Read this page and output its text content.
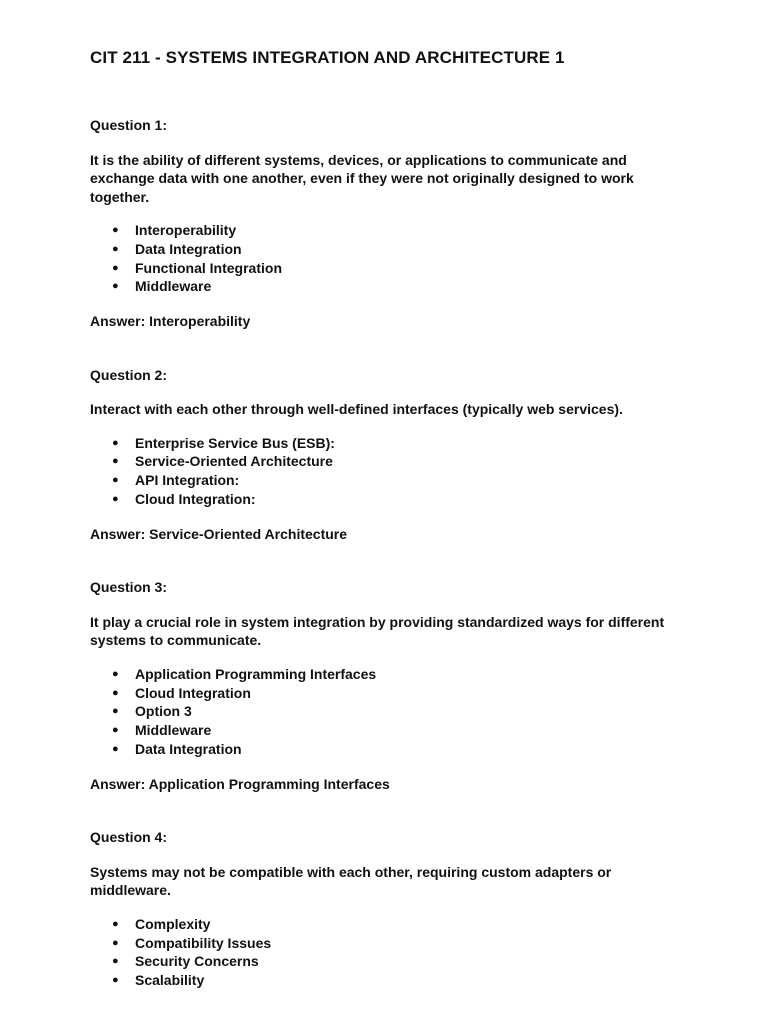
CIT 211 - SYSTEMS INTEGRATION AND ARCHITECTURE 1

Question 1:

It is the ability of different systems, devices, or applications to communicate and exchange data with one another, even if they were not originally designed to work together.

● Interoperability
● Data Integration
● Functional Integration
● Middleware

Answer: Interoperability

Question 2:

Interact with each other through well-defined interfaces (typically web services).

● Enterprise Service Bus (ESB):
● Service-Oriented Architecture
● API Integration:
● Cloud Integration:

Answer: Service-Oriented Architecture

Question 3:

It play a crucial role in system integration by providing standardized ways for different systems to communicate.

● Application Programming Interfaces
● Cloud Integration
● Option 3
● Middleware
● Data Integration

Answer: Application Programming Interfaces

Question 4:

Systems may not be compatible with each other, requiring custom adapters or middleware.

● Complexity
● Compatibility Issues
● Security Concerns
● Scalability
